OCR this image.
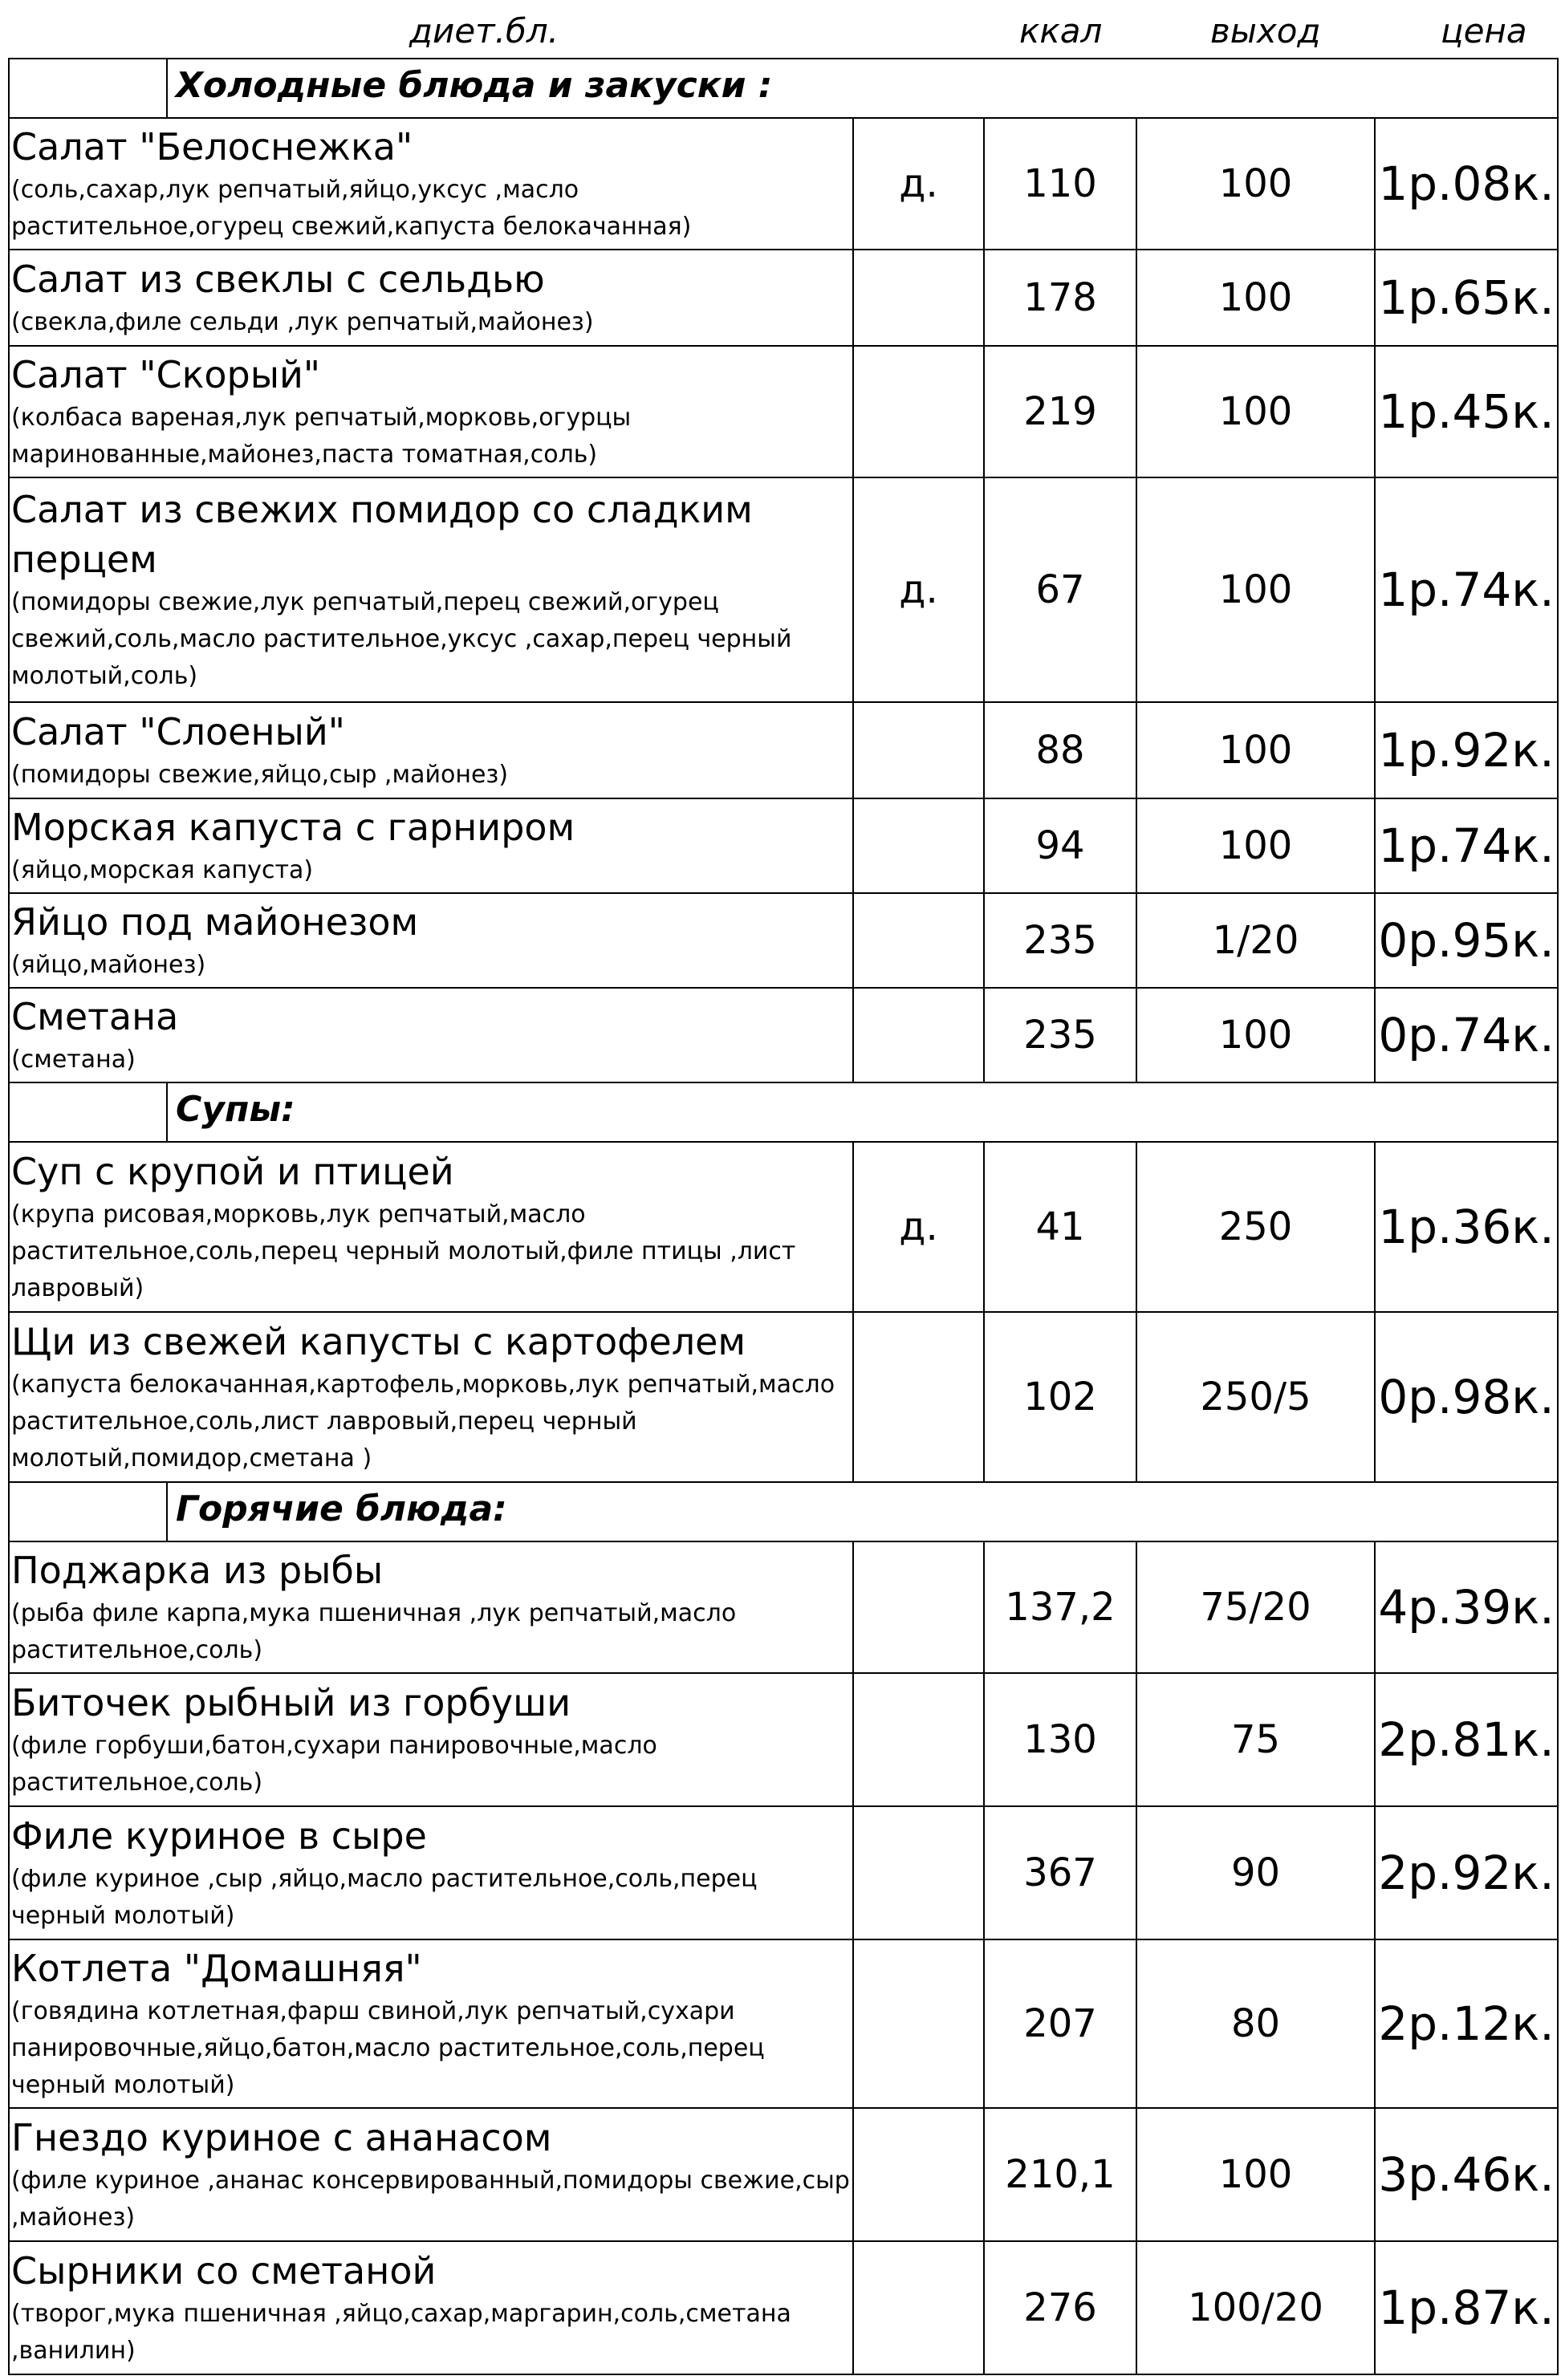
диет.бл.	ккал	выход	цена
Холодные блюда и закуски :				

Салат "Белоснежка"
(соль,сахар,лук репчатый,яйцо,уксус ,масло растительное,огурец свежий,капуста белокачанная)	д.	110	100	1р.08к.

Салат из свеклы с сельдью
(свекла,филе сельди ,лук репчатый,майонез)		178	100	1р.65к.

Салат "Скорый"
(колбаса вареная,лук репчатый,морковь,огурцы маринованные,майонез,паста томатная,соль)		219	100	1р.45к.

Салат из свежих помидор со сладким перцем
(помидоры свежие,лук репчатый,перец свежий,огурец свежий,соль,масло растительное,уксус ,сахар,перец черный молотый,соль)	д.	67	100	1р.74к.

Салат "Слоеный"
(помидоры свежие,яйцо,сыр ,майонез)		88	100	1р.92к.

Морская капуста с гарниром
(яйцо,морская капуста)		94	100	1р.74к.

Яйцо под майонезом
(яйцо,майонез)		235	1/20	0р.95к.

Сметана
(сметана)		235	100	0р.74к.

Супы:				

Суп с крупой и птицей
(крупа рисовая,морковь,лук репчатый,масло растительное,соль,перец черный молотый,филе птицы ,лист лавровый)	д.	41	250	1р.36к.

Щи из свежей капусты с картофелем
(капуста белокачанная,картофель,морковь,лук репчатый,масло растительное,соль,лист лавровый,перец черный молотый,помидор,сметана )		102	250/5	0р.98к.

Горячие блюда:				

Поджарка из рыбы
(рыба филе карпа,мука пшеничная ,лук репчатый,масло растительное,соль)		137,2	75/20	4р.39к.

Биточек рыбный из горбуши
(филе горбуши,батон,сухари панировочные,масло растительное,соль)		130	75	2р.81к.

Филе куриное в сыре
(филе куриное ,сыр ,яйцо,масло растительное,соль,перец черный молотый)		367	90	2р.92к.

Котлета "Домашняя"
(говядина котлетная,фарш свиной,лук репчатый,сухари панировочные,яйцо,батон,масло растительное,соль,перец черный молотый)		207	80	2р.12к.

Гнездо куриное с ананасом
(филе куриное ,ананас консервированный,помидоры свежие,сыр ,майонез)		210,1	100	3р.46к.

Сырники со сметаной
(творог,мука пшеничная ,яйцо,сахар,маргарин,соль,сметана ,ванилин)		276	100/20	1р.87к.
